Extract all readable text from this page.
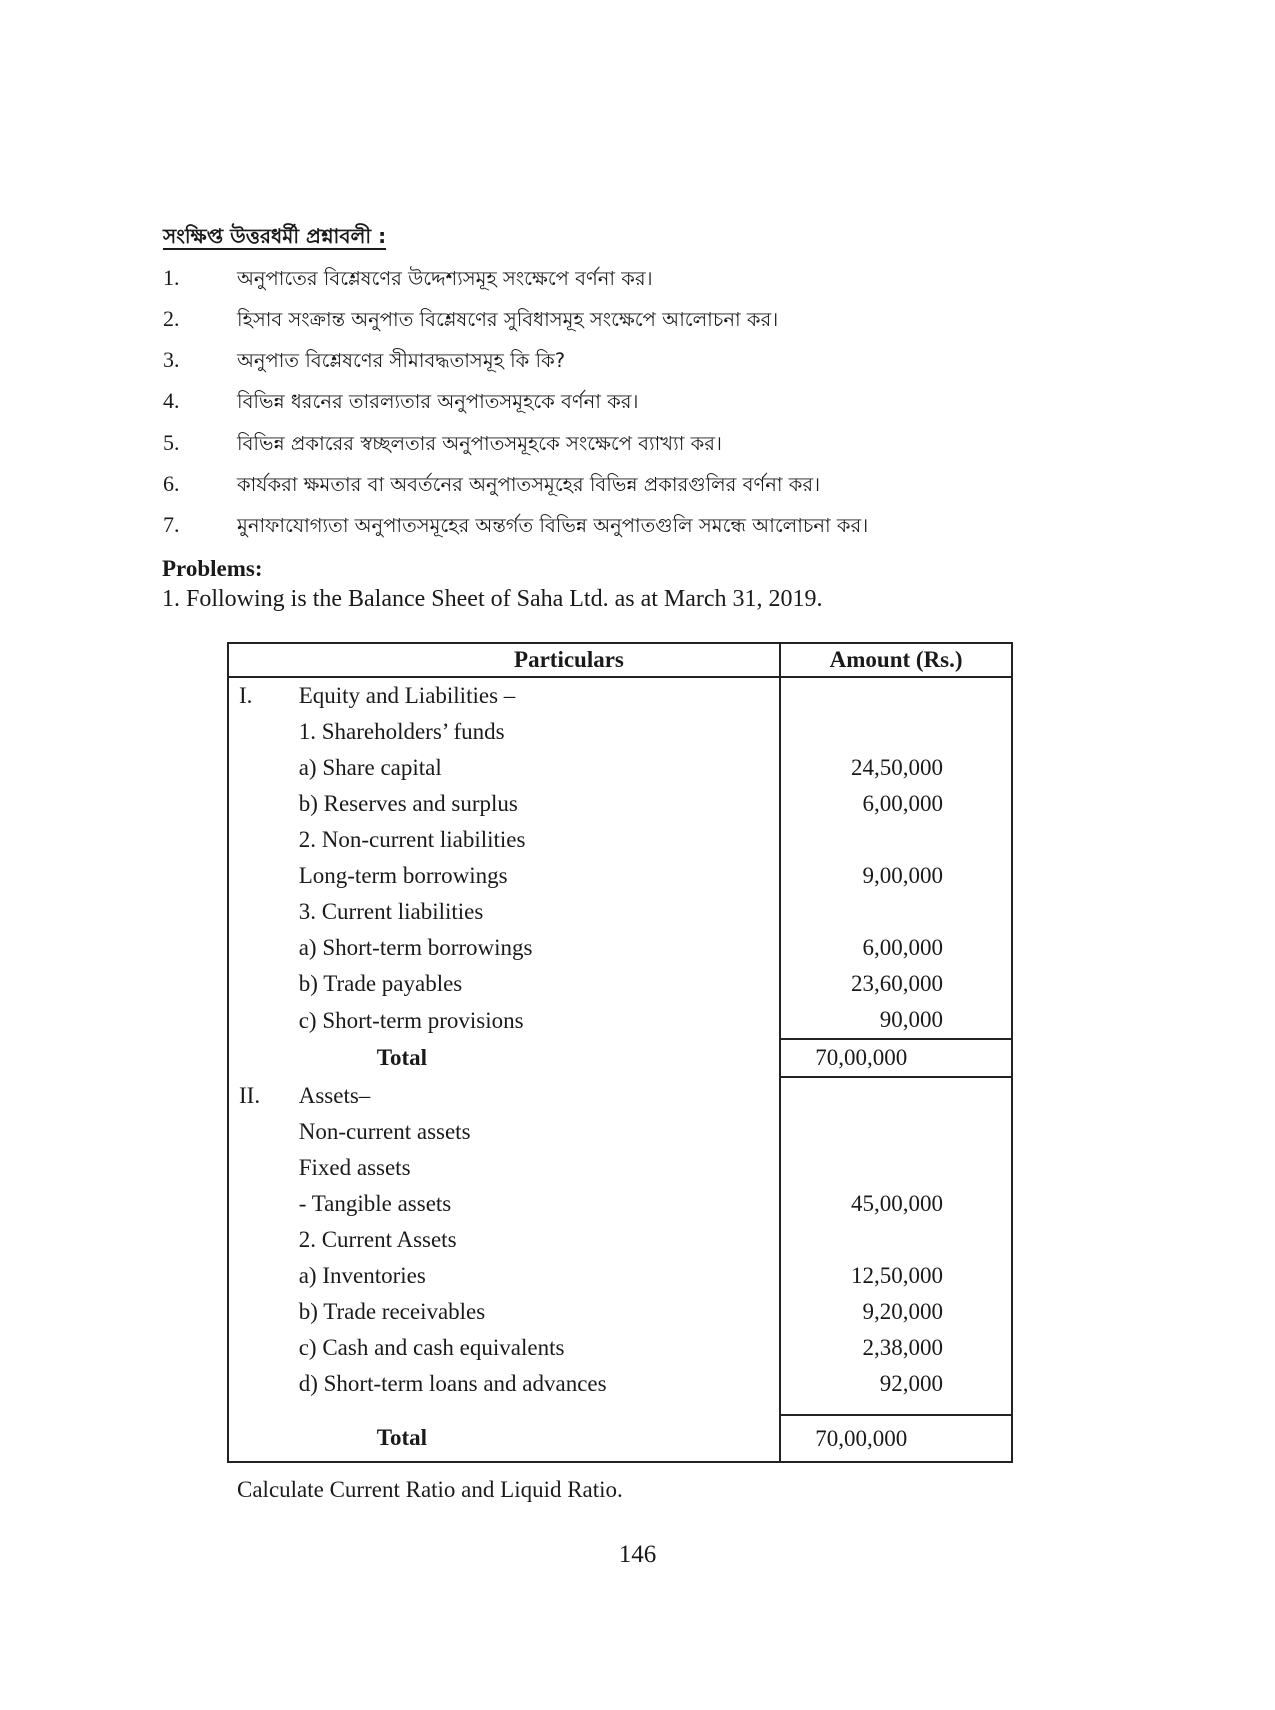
সংক্ষিপ্ত উত্তরধর্মী প্রশ্নাবলী :
1.	অনুপাতের বিশ্লেষণের উদ্দেশ্যসমূহ সংক্ষেপে বর্ণনা কর।
2.	হিসাব সংক্রান্ত অনুপাত বিশ্লেষণের সুবিধাসমূহ সংক্ষেপে আলোচনা কর।
3.	অনুপাত বিশ্লেষণের সীমাবদ্ধতাসমূহ কি কি?
4.	বিভিন্ন ধরনের তারল্যতার অনুপাতসমূহকে বর্ণনা কর।
5.	বিভিন্ন প্রকারের স্বচ্ছলতার অনুপাতসমূহকে সংক্ষেপে ব্যাখ্যা কর।
6.	কার্যকরা ক্ষমতার বা অবর্তনের অনুপাতসমূহের বিভিন্ন প্রকারগুলির বর্ণনা কর।
7.	মুনাফাযোগ্যতা অনুপাতসমূহের অন্তর্গত বিভিন্ন অনুপাতগুলি সমন্ধে আলোচনা কর।
Problems:
1. Following is the Balance Sheet of Saha Ltd. as at March 31, 2019.
	Particulars	Amount (Rs.)
I.	Equity and Liabilities –	
	1. Shareholders’ funds	
	a) Share capital	24,50,000
	b) Reserves and surplus	6,00,000
	2. Non-current liabilities	
	Long-term borrowings	9,00,000
	3. Current liabilities	
	a) Short-term borrowings	6,00,000
	b) Trade payables	23,60,000
	c) Short-term provisions	90,000
	Total	70,00,000
II.	Assets–	
	Non-current assets	
	Fixed assets	
	- Tangible assets	45,00,000
	2. Current Assets	
	a) Inventories	12,50,000
	b) Trade receivables	9,20,000
	c) Cash and cash equivalents	2,38,000
	d) Short-term loans and advances	92,000

	Total	70,00,000
Calculate Current Ratio and Liquid Ratio.
146
